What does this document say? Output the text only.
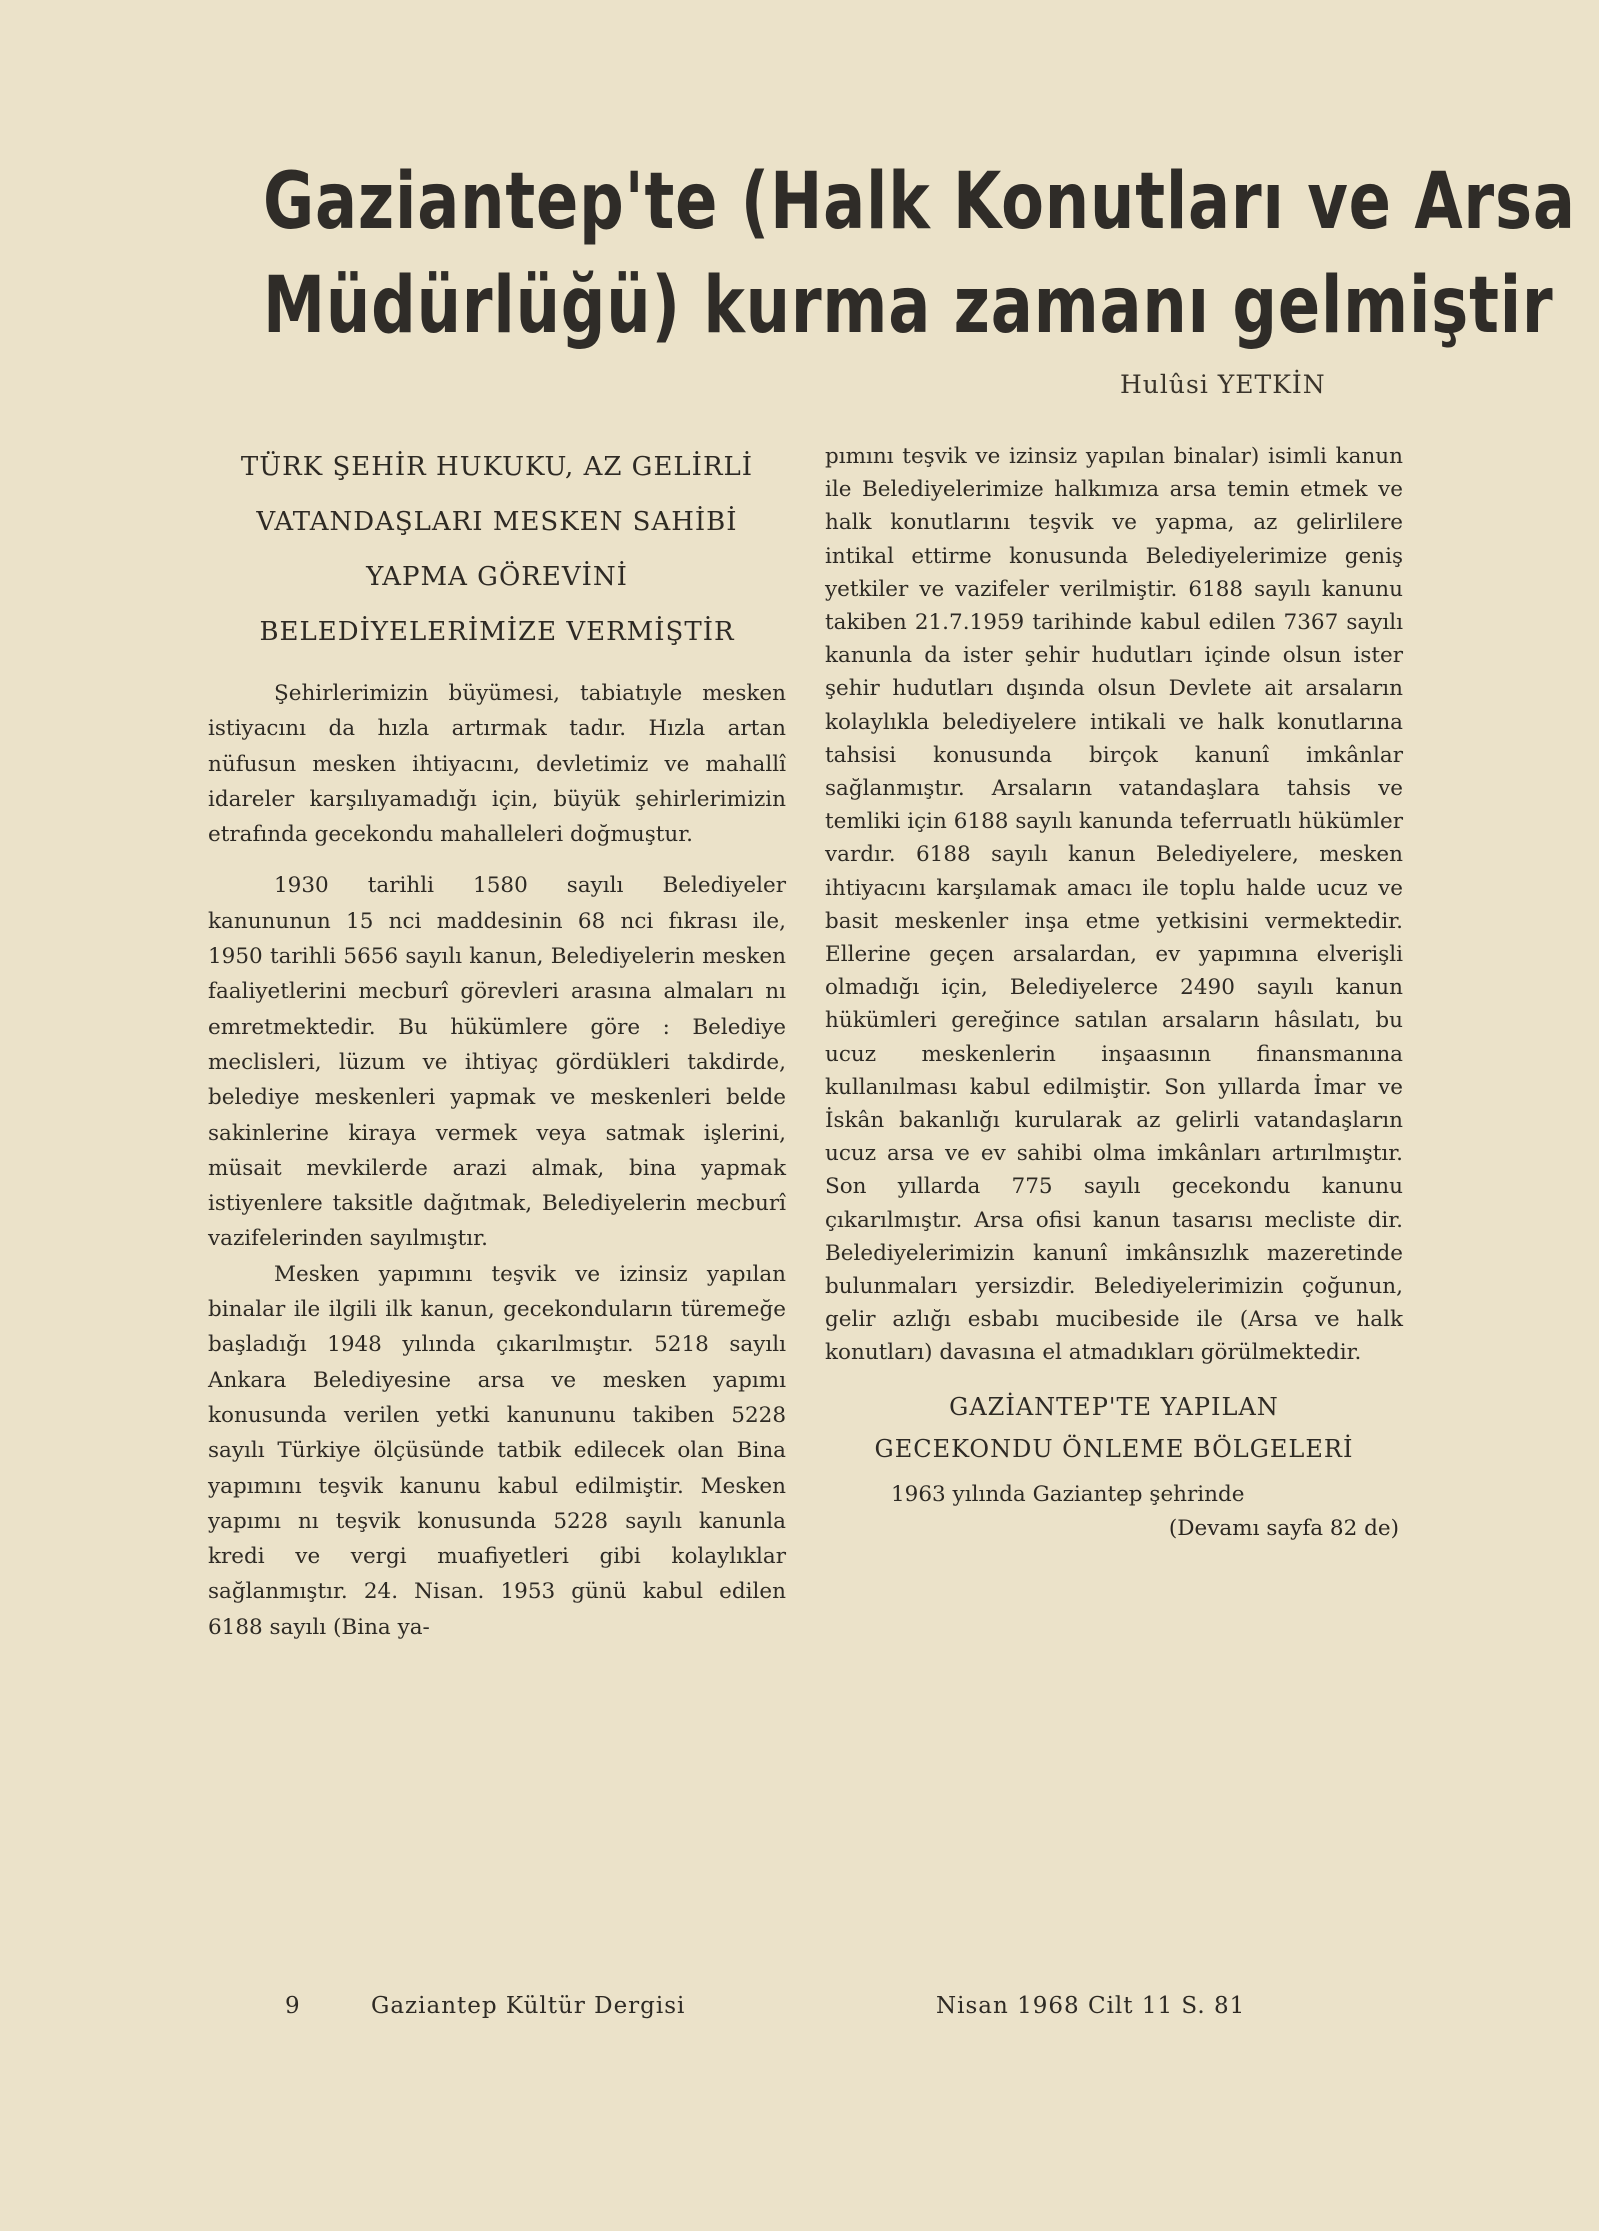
Gaziantep'te (Halk Konutları ve Arsa
Müdürlüğü) kurma zamanı gelmiştir
Hulûsi YETKİN
TÜRK ŞEHİR HUKUKU, AZ GELİRLİ
VATANDAŞLARI MESKEN SAHİBİ
YAPMA GÖREVİNİ
BELEDİYELERİMİZE VERMİŞTİR

Şehirlerimizin büyümesi, tabiatıyle mesken istiyacını da hızla artırmak tadır. Hızla artan nüfusun mesken ihtiyacını, devletimiz ve mahallî idareler karşılıyamadığı için, büyük şehirlerimizin etrafında gecekondu mahalleleri doğmuştur.

1930 tarihli 1580 sayılı Belediyeler kanununun 15 nci maddesinin 68 nci fıkrası ile, 1950 tarihli 5656 sayılı kanun, Belediyelerin mesken faaliyetlerini mecburî görevleri arasına almaları nı emretmektedir. Bu hükümlere göre : Belediye meclisleri, lüzum ve ihtiyaç gördükleri takdirde, belediye meskenleri yapmak ve meskenleri belde sakinlerine kiraya vermek veya satmak işlerini, müsait mevkilerde arazi almak, bina yapmak istiyenlere taksitle dağıtmak, Belediyelerin mecburî vazifelerinden sayılmıştır.

Mesken yapımını teşvik ve izinsiz yapılan binalar ile ilgili ilk kanun, gecekonduların türemeğe başladığı 1948 yılında çıkarılmıştır. 5218 sayılı Ankara Belediyesine arsa ve mesken yapımı konusunda verilen yetki kanununu takiben 5228 sayılı Türkiye ölçüsünde tatbik edilecek olan Bina yapımını teşvik kanunu kabul edilmiştir. Mesken yapımı nı teşvik konusunda 5228 sayılı kanunla kredi ve vergi muafiyetleri gibi kolaylıklar sağlanmıştır. 24. Nisan. 1953 günü kabul edilen 6188 sayılı (Bina ya-

pımını teşvik ve izinsiz yapılan binalar) isimli kanun ile Belediyelerimize halkımıza arsa temin etmek ve halk konutlarını teşvik ve yapma, az gelirlilere intikal ettirme konusunda Belediyelerimize geniş yetkiler ve vazifeler verilmiştir. 6188 sayılı kanunu takiben 21.7.1959 tarihinde kabul edilen 7367 sayılı kanunla da ister şehir hudutları içinde olsun ister şehir hudutları dışında olsun Devlete ait arsaların kolaylıkla belediyelere intikali ve halk konutlarına tahsisi konusunda birçok kanunî imkânlar sağlanmıştır. Arsaların vatandaşlara tahsis ve temliki için 6188 sayılı kanunda teferruatlı hükümler vardır. 6188 sayılı kanun Belediyelere, mesken ihtiyacını karşılamak amacı ile toplu halde ucuz ve basit meskenler inşa etme yetkisini vermektedir. Ellerine geçen arsalardan, ev yapımına elverişli olmadığı için, Belediyelerce 2490 sayılı kanun hükümleri gereğince satılan arsaların hâsılatı, bu ucuz meskenlerin inşaasının finansmanına kullanılması kabul edilmiştir. Son yıllarda İmar ve İskân bakanlığı kurularak az gelirli vatandaşların ucuz arsa ve ev sahibi olma imkânları artırılmıştır. Son yıllarda 775 sayılı gecekondu kanunu çıkarılmıştır. Arsa ofisi kanun tasarısı mecliste dir. Belediyelerimizin kanunî imkânsızlık mazeretinde bulunmaları yersizdir. Belediyelerimizin çoğunun, gelir azlığı esbabı mucibeside ile (Arsa ve halk konutları) davasına el atmadıkları görülmektedir.

GAZİANTEP'TE YAPILAN
GECEKONDU ÖNLEME BÖLGELERİ

1963 yılında Gaziantep şehrinde

(Devamı sayfa 82 de)
9	Gaziantep Kültür Dergisi	Nisan 1968 Cilt 11 S. 81
